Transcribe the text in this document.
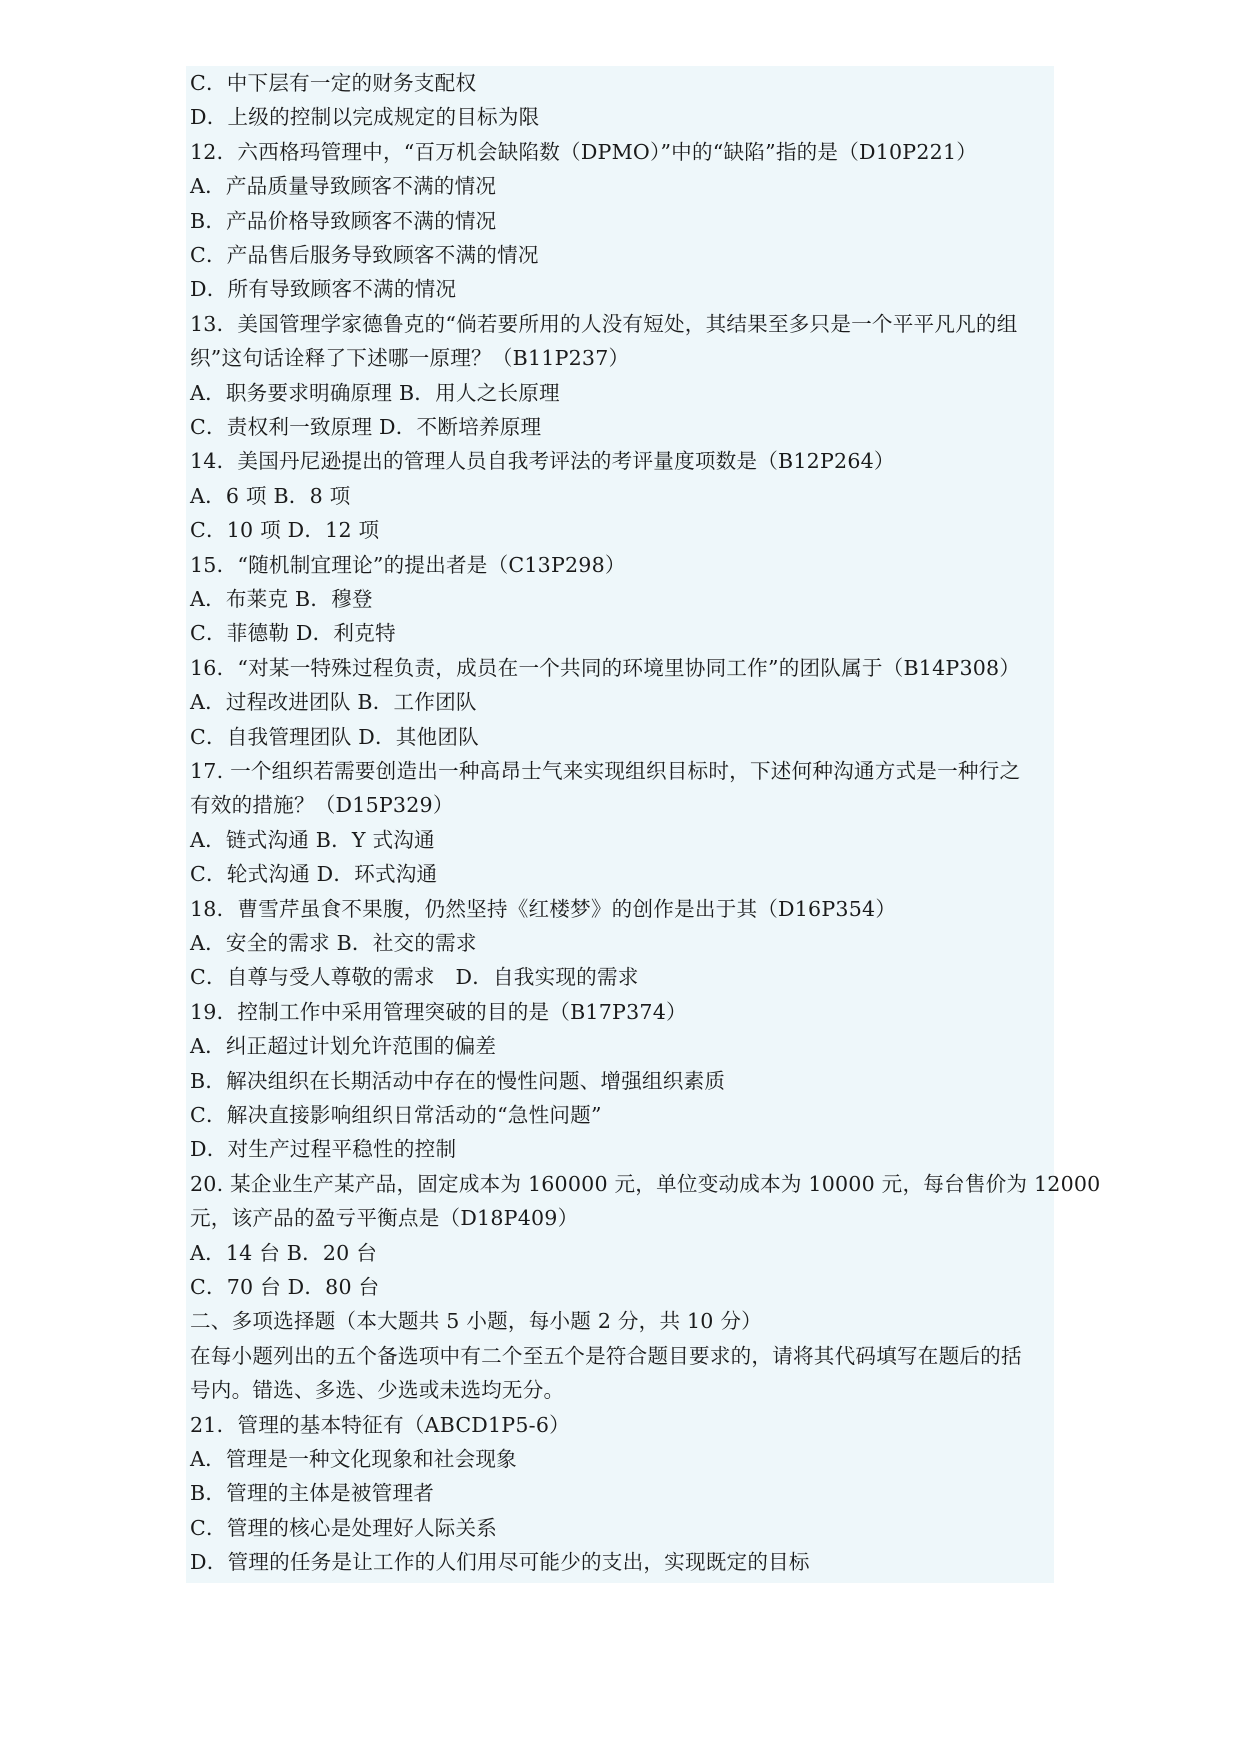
C．中下层有一定的财务支配权
D．上级的控制以完成规定的目标为限
12．六西格玛管理中，“百万机会缺陷数（DPMO）”中的“缺陷”指的是（D10P221）
A．产品质量导致顾客不满的情况
B．产品价格导致顾客不满的情况
C．产品售后服务导致顾客不满的情况
D．所有导致顾客不满的情况
13．美国管理学家德鲁克的“倘若要所用的人没有短处，其结果至多只是一个平平凡凡的组
织”这句话诠释了下述哪一原理？（B11P237）
A．职务要求明确原理 B．用人之长原理
C．责权利一致原理 D．不断培养原理
14．美国丹尼逊提出的管理人员自我考评法的考评量度项数是（B12P264）
A．6 项 B．8 项
C．10 项 D．12 项
15．“随机制宜理论”的提出者是（C13P298）
A．布莱克 B．穆登
C．菲德勒 D．利克特
16．“对某一特殊过程负责，成员在一个共同的环境里协同工作”的团队属于（B14P308）
A．过程改进团队 B．工作团队
C．自我管理团队 D．其他团队
17. 一个组织若需要创造出一种高昂士气来实现组织目标时，下述何种沟通方式是一种行之
有效的措施？（D15P329）
A．链式沟通 B．Y 式沟通
C．轮式沟通 D．环式沟通
18．曹雪芹虽食不果腹，仍然坚持《红楼梦》的创作是出于其（D16P354）
A．安全的需求 B．社交的需求
C．自尊与受人尊敬的需求　D．自我实现的需求
19．控制工作中采用管理突破的目的是（B17P374）
A．纠正超过计划允许范围的偏差
B．解决组织在长期活动中存在的慢性问题、增强组织素质
C．解决直接影响组织日常活动的“急性问题”
D．对生产过程平稳性的控制
20. 某企业生产某产品，固定成本为 160000 元，单位变动成本为 10000 元，每台售价为 12000
元，该产品的盈亏平衡点是（D18P409）
A．14 台 B．20 台
C．70 台 D．80 台
二、多项选择题（本大题共 5 小题，每小题 2 分，共 10 分）
在每小题列出的五个备选项中有二个至五个是符合题目要求的，请将其代码填写在题后的括
号内。错选、多选、少选或未选均无分。
21．管理的基本特征有（ABCD1P5-6）
A．管理是一种文化现象和社会现象
B．管理的主体是被管理者
C．管理的核心是处理好人际关系
D．管理的任务是让工作的人们用尽可能少的支出，实现既定的目标
